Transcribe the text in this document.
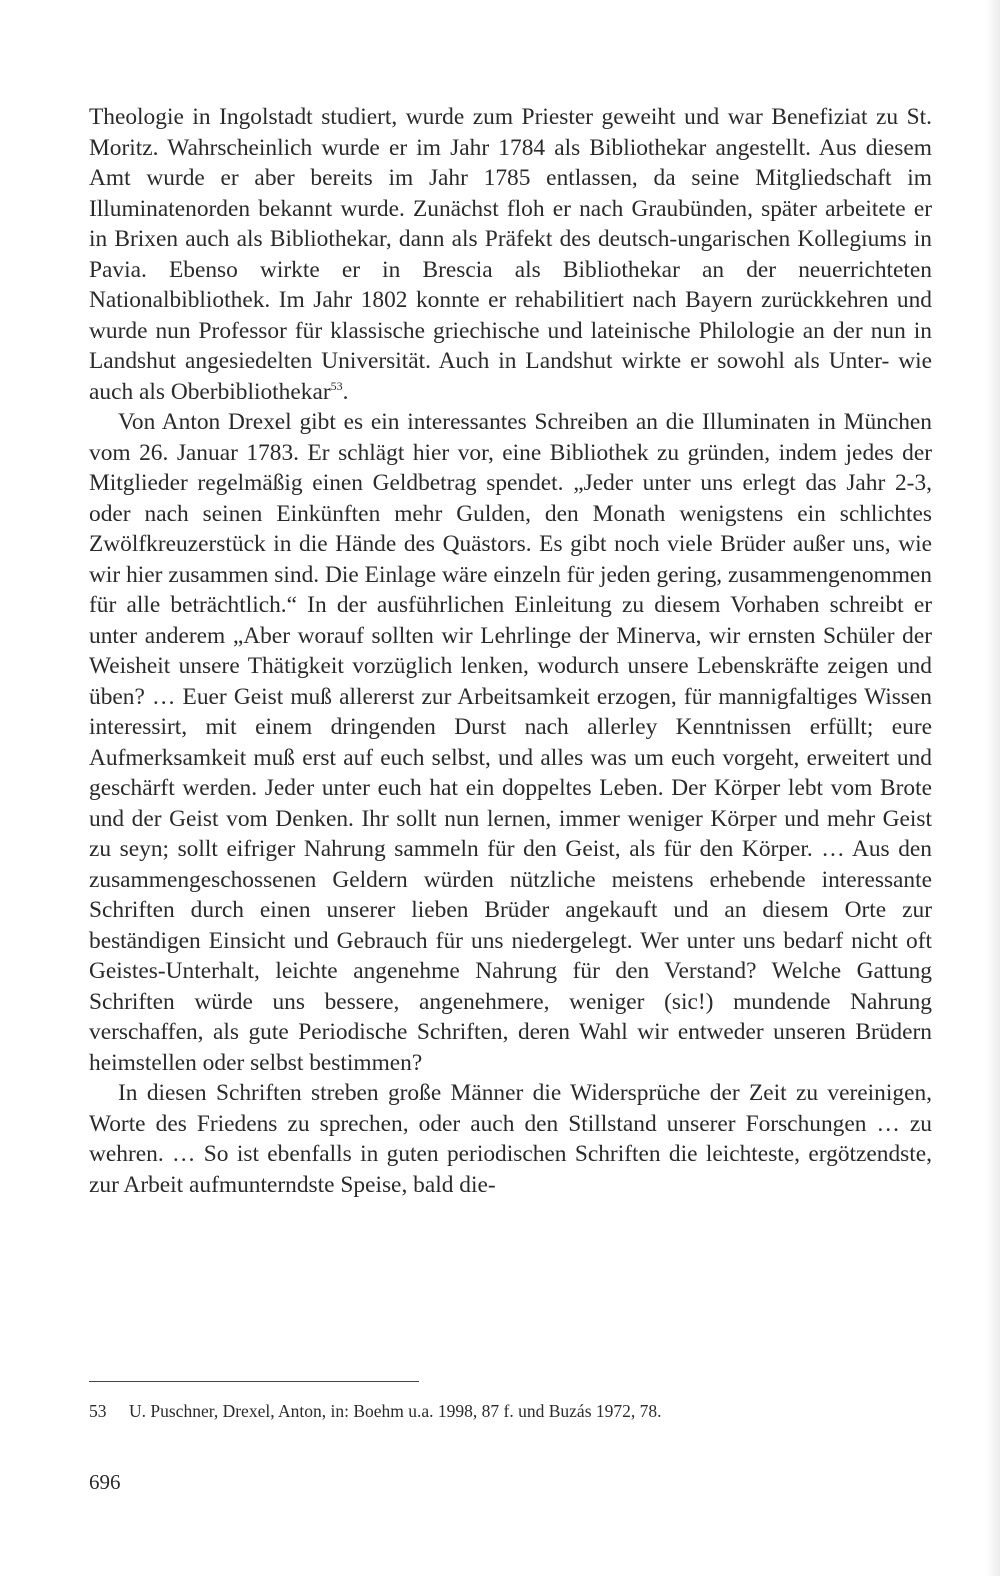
Theologie in Ingolstadt studiert, wurde zum Priester geweiht und war Benefiziat zu St. Moritz. Wahrscheinlich wurde er im Jahr 1784 als Bibliothekar angestellt. Aus diesem Amt wurde er aber bereits im Jahr 1785 entlassen, da seine Mitgliedschaft im Illuminatenorden bekannt wurde. Zunächst floh er nach Graubünden, später arbeitete er in Brixen auch als Bibliothekar, dann als Präfekt des deutsch-ungarischen Kollegiums in Pavia. Ebenso wirkte er in Brescia als Bibliothekar an der neuerrichteten Nationalbibliothek. Im Jahr 1802 konnte er rehabilitiert nach Bayern zurückkehren und wurde nun Professor für klassische griechische und lateinische Philologie an der nun in Landshut angesiedelten Universität. Auch in Landshut wirkte er sowohl als Unter- wie auch als Oberbibliothekar$^{53}$.

Von Anton Drexel gibt es ein interessantes Schreiben an die Illuminaten in München vom 26. Januar 1783. Er schlägt hier vor, eine Bibliothek zu gründen, indem jedes der Mitglieder regelmäßig einen Geldbetrag spendet. „Jeder unter uns erlegt das Jahr 2-3, oder nach seinen Einkünften mehr Gulden, den Monath wenigstens ein schlichtes Zwölfkreuzerstück in die Hände des Quästors. Es gibt noch viele Brüder außer uns, wie wir hier zusammen sind. Die Einlage wäre einzeln für jeden gering, zusammengenommen für alle beträchtlich.“ In der ausführlichen Einleitung zu diesem Vorhaben schreibt er unter anderem „Aber worauf sollten wir Lehrlinge der Minerva, wir ernsten Schüler der Weisheit unsere Thätigkeit vorzüglich lenken, wodurch unsere Lebenskräfte zeigen und üben? … Euer Geist muß allererst zur Arbeitsamkeit erzogen, für mannigfaltiges Wissen interessirt, mit einem dringenden Durst nach allerley Kenntnissen erfüllt; eure Aufmerksamkeit muß erst auf euch selbst, und alles was um euch vorgeht, erweitert und geschärft werden. Jeder unter euch hat ein doppeltes Leben. Der Körper lebt vom Brote und der Geist vom Denken. Ihr sollt nun lernen, immer weniger Körper und mehr Geist zu seyn; sollt eifriger Nahrung sammeln für den Geist, als für den Körper. … Aus den zusammengeschossenen Geldern würden nützliche meistens erhebende interessante Schriften durch einen unserer lieben Brüder angekauft und an diesem Orte zur beständigen Einsicht und Gebrauch für uns niedergelegt. Wer unter uns bedarf nicht oft Geistes-Unterhalt, leichte angenehme Nahrung für den Verstand? Welche Gattung Schriften würde uns bessere, angenehmere, weniger (sic!) mundende Nahrung verschaffen, als gute Periodische Schriften, deren Wahl wir entweder unseren Brüdern heimstellen oder selbst bestimmen?

In diesen Schriften streben große Männer die Widersprüche der Zeit zu vereinigen, Worte des Friedens zu sprechen, oder auch den Stillstand unserer Forschungen … zu wehren. … So ist ebenfalls in guten periodischen Schriften die leichteste, ergötzendste, zur Arbeit aufmunterndste Speise, bald die-

53 U. Puschner, Drexel, Anton, in: Boehm u.a. 1998, 87 f. und Buzás 1972, 78.
696
